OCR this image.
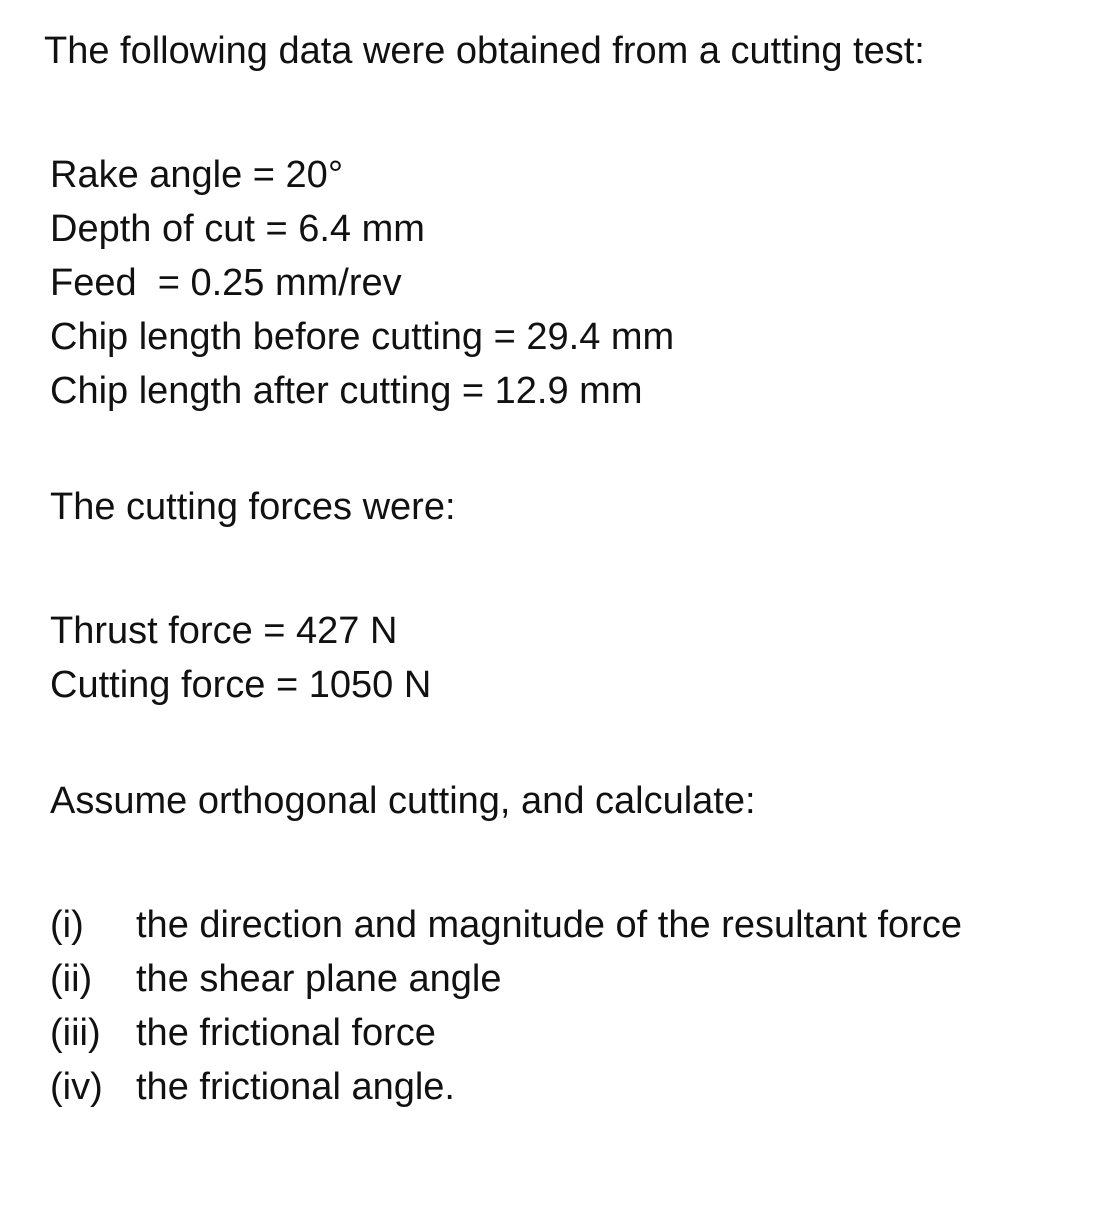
The following data were obtained from a cutting test:
Rake angle = 20°
Depth of cut = 6.4 mm
Feed  = 0.25 mm/rev
Chip length before cutting = 29.4 mm
Chip length after cutting = 12.9 mm
The cutting forces were:
Thrust force = 427 N
Cutting force = 1050 N
Assume orthogonal cutting, and calculate:
(i) the direction and magnitude of the resultant force
(ii) the shear plane angle
(iii) the frictional force
(iv) the frictional angle.
